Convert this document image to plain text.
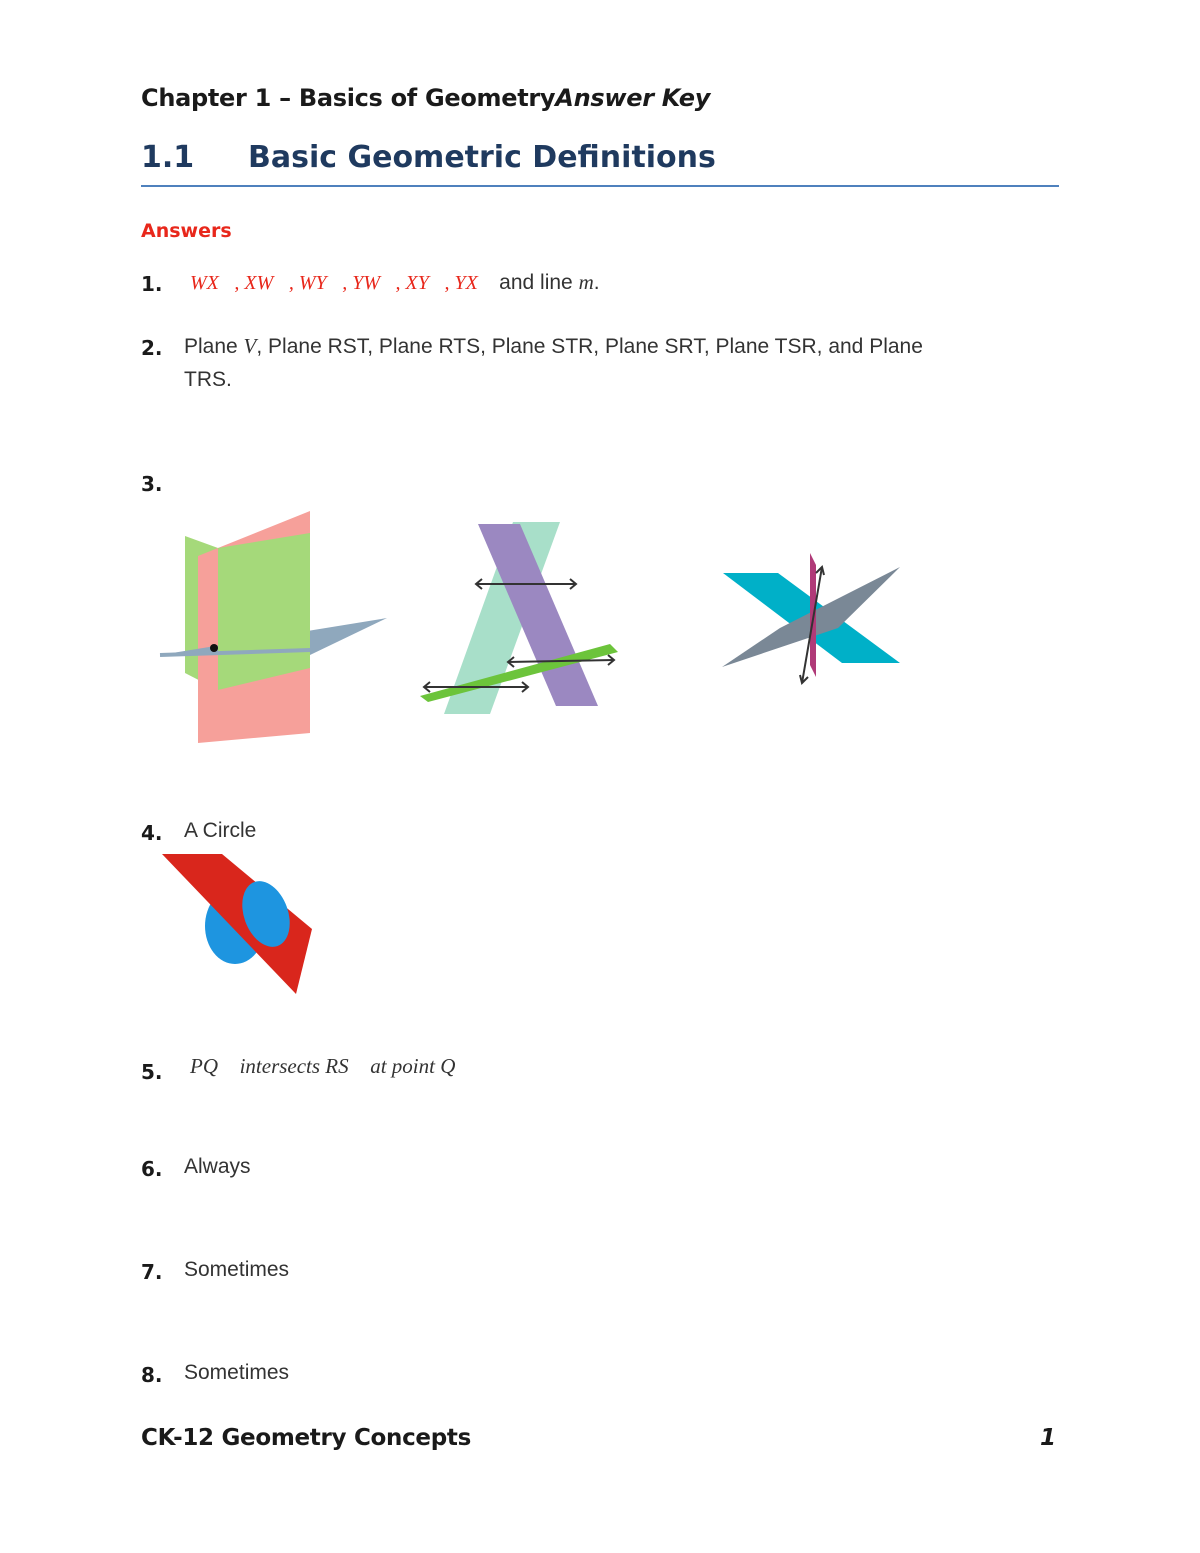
Chapter 1 – Basics of GeometryAnswer Key
1.1 Basic Geometric Definitions
Answers
1. WX⃡, XW⃡, WY⃡, YW⃡, XY⃡, YX⃡ and line m.
2. Plane V, Plane RST, Plane RTS, Plane STR, Plane SRT, Plane TSR, and Plane
TRS.
3.
4. A Circle
5. PQ⃗ intersects RS⃡ at point Q
6. Always
7. Sometimes
8. Sometimes
CK-12 Geometry Concepts	1
